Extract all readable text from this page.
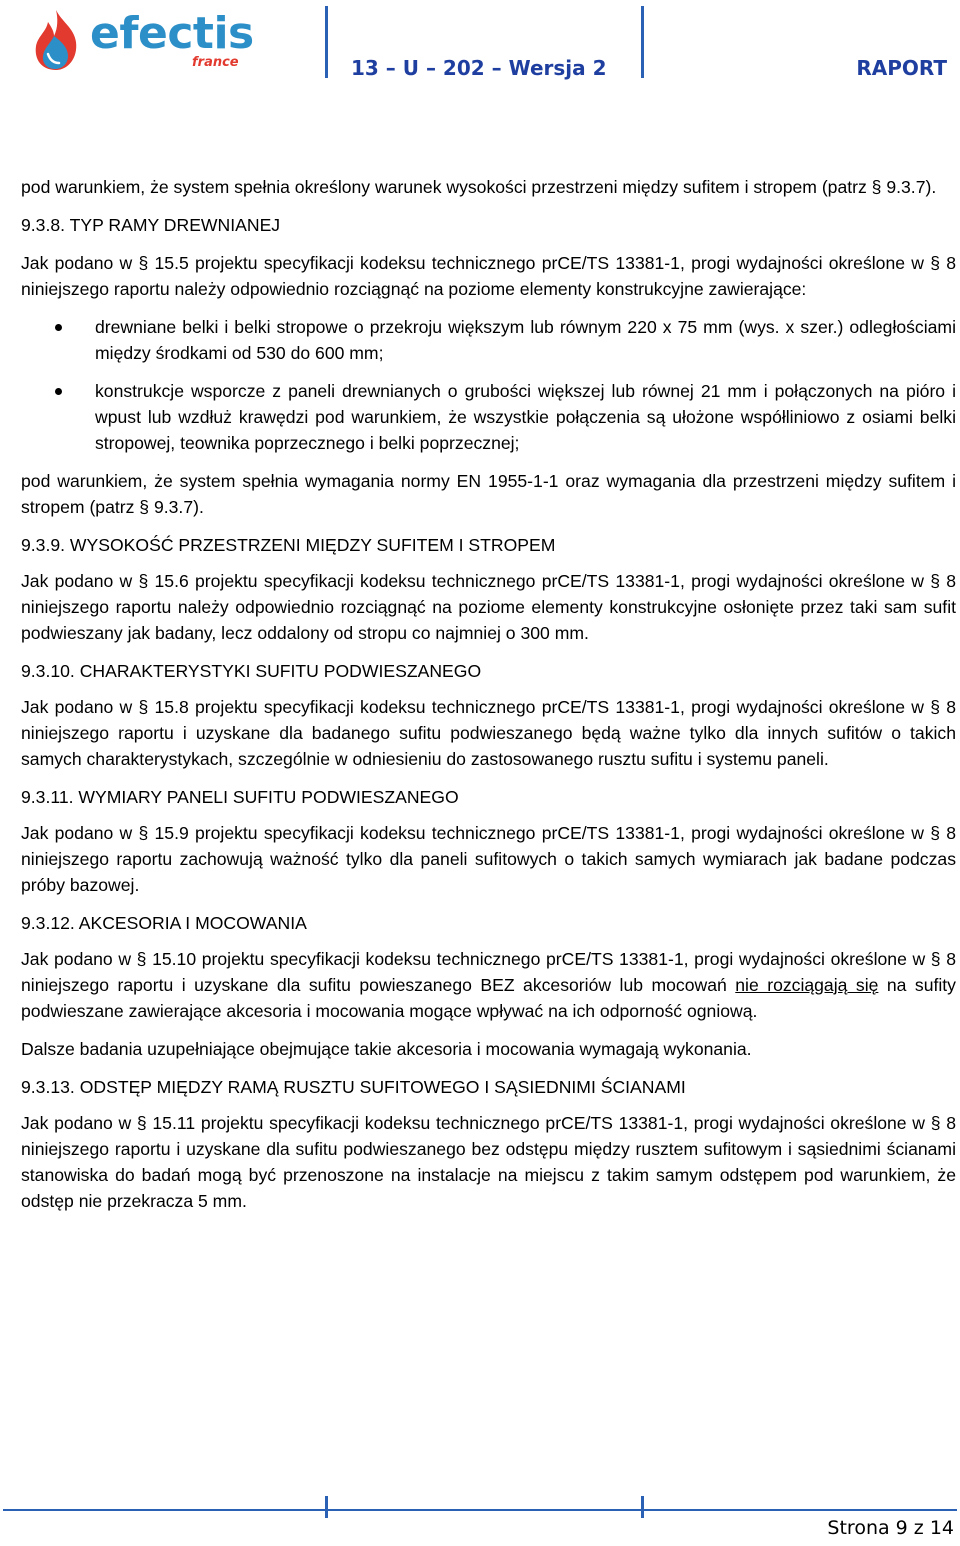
efectis

france	13 – U – 202 – Wersja 2	RAPORT

pod warunkiem, że system spełnia określony warunek wysokości przestrzeni między sufitem i stropem (patrz § 9.3.7).

9.3.8. TYP RAMY DREWNIANEJ

Jak podano w § 15.5 projektu specyfikacji kodeksu technicznego prCE/TS 13381-1, progi wydajności określone w § 8 niniejszego raportu należy odpowiednio rozciągnąć na poziome elementy konstrukcyjne zawierające:

drewniane belki i belki stropowe o przekroju większym lub równym 220 x 75 mm (wys. x szer.) odległościami między środkami od 530 do 600 mm;
konstrukcje wsporcze z paneli drewnianych o grubości większej lub równej 21 mm i połączonych na pióro i wpust lub wzdłuż krawędzi pod warunkiem, że wszystkie połączenia są ułożone współliniowo z osiami belki stropowej, teownika poprzecznego i belki poprzecznej;

pod warunkiem, że system spełnia wymagania normy EN 1955-1-1 oraz wymagania dla przestrzeni między sufitem i stropem (patrz § 9.3.7).

9.3.9. WYSOKOŚĆ PRZESTRZENI MIĘDZY SUFITEM I STROPEM

Jak podano w § 15.6 projektu specyfikacji kodeksu technicznego prCE/TS 13381-1, progi wydajności określone w § 8 niniejszego raportu należy odpowiednio rozciągnąć na poziome elementy konstrukcyjne osłonięte przez taki sam sufit podwieszany jak badany, lecz oddalony od stropu co najmniej o 300 mm.

9.3.10. CHARAKTERYSTYKI SUFITU PODWIESZANEGO

Jak podano w § 15.8 projektu specyfikacji kodeksu technicznego prCE/TS 13381-1, progi wydajności określone w § 8 niniejszego raportu i uzyskane dla badanego sufitu podwieszanego będą ważne tylko dla innych sufitów o takich samych charakterystykach, szczególnie w odniesieniu do zastosowanego rusztu sufitu i systemu paneli.

9.3.11. WYMIARY PANELI SUFITU PODWIESZANEGO

Jak podano w § 15.9 projektu specyfikacji kodeksu technicznego prCE/TS 13381-1, progi wydajności określone w § 8 niniejszego raportu zachowują ważność tylko dla paneli sufitowych o takich samych wymiarach jak badane podczas próby bazowej.

9.3.12. AKCESORIA I MOCOWANIA

Jak podano w § 15.10 projektu specyfikacji kodeksu technicznego prCE/TS 13381-1, progi wydajności określone w § 8 niniejszego raportu i uzyskane dla sufitu powieszanego BEZ akcesoriów lub mocowań nie rozciągają się na sufity podwieszane zawierające akcesoria i mocowania mogące wpływać na ich odporność ogniową.

Dalsze badania uzupełniające obejmujące takie akcesoria i mocowania wymagają wykonania.

9.3.13. ODSTĘP MIĘDZY RAMĄ RUSZTU SUFITOWEGO I SĄSIEDNIMI ŚCIANAMI

Jak podano w § 15.11 projektu specyfikacji kodeksu technicznego prCE/TS 13381-1, progi wydajności określone w § 8 niniejszego raportu i uzyskane dla sufitu podwieszanego bez odstępu między rusztem sufitowym i sąsiednimi ścianami stanowiska do badań mogą być przenoszone na instalacje na miejscu z takim samym odstępem pod warunkiem, że odstęp nie przekracza 5 mm.

Strona 9 z 14
